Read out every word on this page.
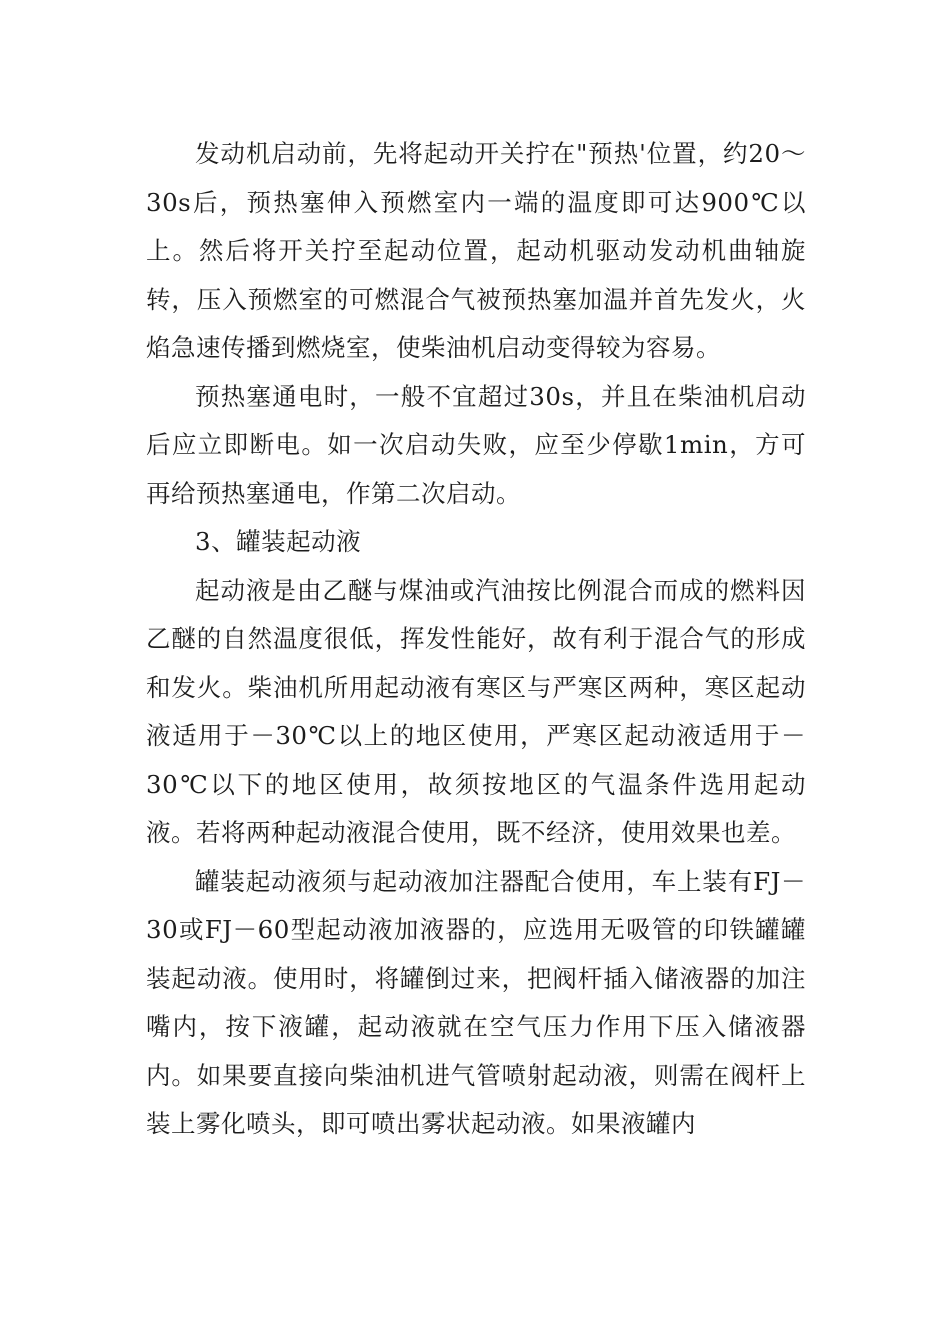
发动机启动前，先将起动开关拧在"预热'位置，约20～30s后，预热塞伸入预燃室内一端的温度即可达900℃以上。然后将开关拧至起动位置，起动机驱动发动机曲轴旋转，压入预燃室的可燃混合气被预热塞加温并首先发火，火焰急速传播到燃烧室，使柴油机启动变得较为容易。

预热塞通电时，一般不宜超过30s，并且在柴油机启动后应立即断电。如一次启动失败，应至少停歇1min，方可再给预热塞通电，作第二次启动。

3、罐装起动液

起动液是由乙醚与煤油或汽油按比例混合而成的燃料因乙醚的自然温度很低，挥发性能好，故有利于混合气的形成和发火。柴油机所用起动液有寒区与严寒区两种，寒区起动液适用于－30℃以上的地区使用，严寒区起动液适用于－30℃以下的地区使用，故须按地区的气温条件选用起动液。若将两种起动液混合使用，既不经济，使用效果也差。

罐装起动液须与起动液加注器配合使用，车上装有FJ－30或FJ－60型起动液加液器的，应选用无吸管的印铁罐罐装起动液。使用时，将罐倒过来，把阀杆插入储液器的加注嘴内，按下液罐，起动液就在空气压力作用下压入储液器内。如果要直接向柴油机进气管喷射起动液，则需在阀杆上装上雾化喷头，即可喷出雾状起动液。如果液罐内
